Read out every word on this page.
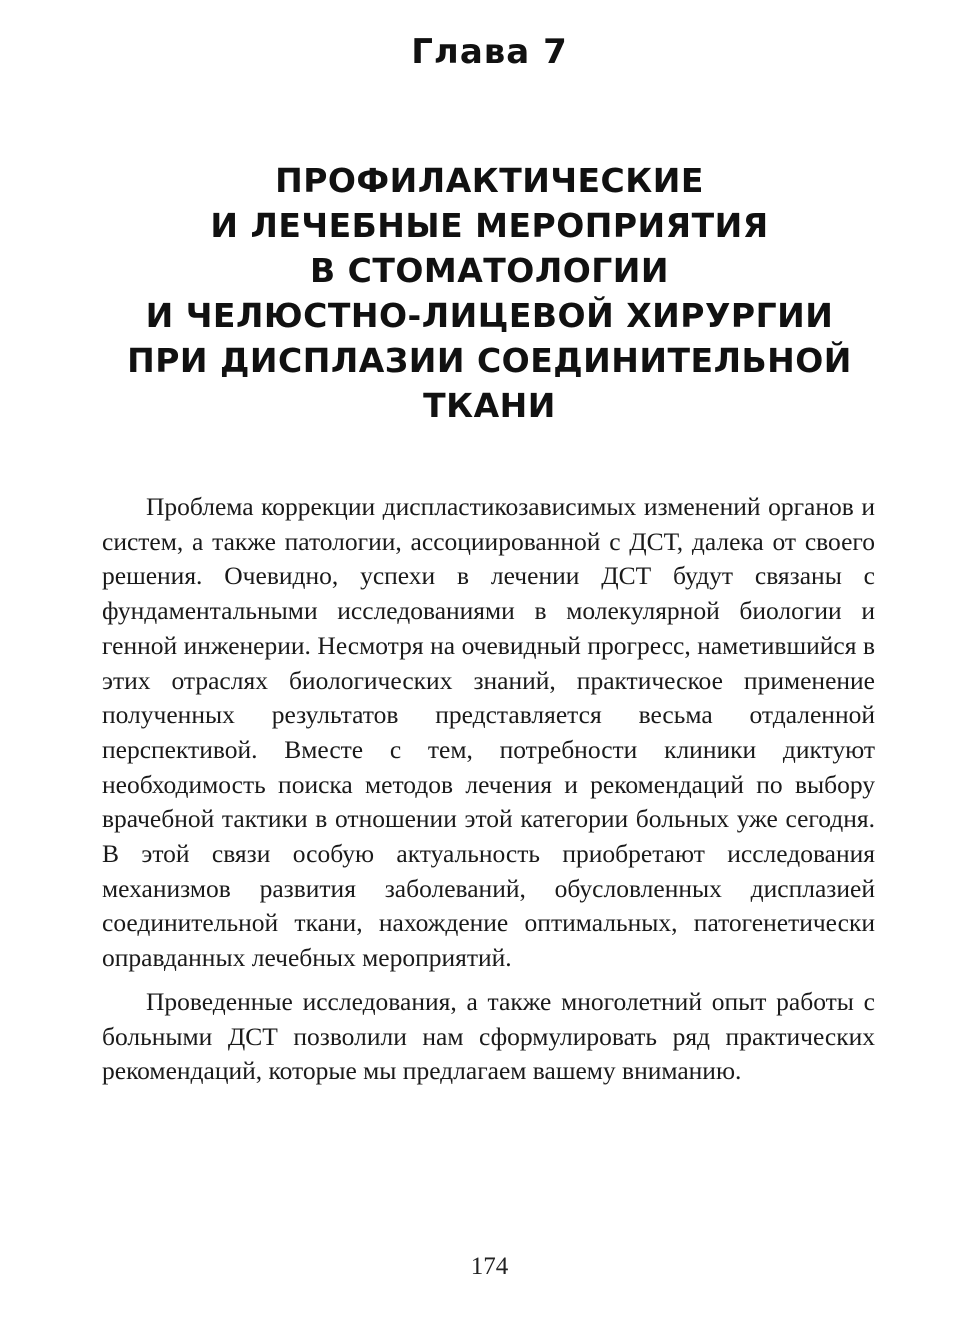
Глава 7
ПРОФИЛАКТИЧЕСКИЕ
И ЛЕЧЕБНЫЕ МЕРОПРИЯТИЯ
В СТОМАТОЛОГИИ
И ЧЕЛЮСТНО-ЛИЦЕВОЙ ХИРУРГИИ
ПРИ ДИСПЛАЗИИ СОЕДИНИТЕЛЬНОЙ
ТКАНИ

Проблема коррекции диспластикозависимых изменений органов и систем, а также патологии, ассоциированной с ДСТ, далека от своего решения. Очевидно, успехи в лечении ДСТ будут связаны с фундаментальными исследованиями в молекулярной биологии и генной инженерии. Несмотря на очевидный прогресс, наметившийся в этих отраслях биологических знаний, практическое применение полученных результатов представляется весьма отдаленной перспективой. Вместе с тем, потребности клиники диктуют необходимость поиска методов лечения и рекомендаций по выбору врачебной тактики в отношении этой категории больных уже сегодня. В этой связи особую актуальность приобретают исследования механизмов развития заболеваний, обусловленных дисплазией соединительной ткани, нахождение оптимальных, патогенетически оправданных лечебных мероприятий.

Проведенные исследования, а также многолетний опыт работы с больными ДСТ позволили нам сформулировать ряд практических рекомендаций, которые мы предлагаем вашему вниманию.

174
